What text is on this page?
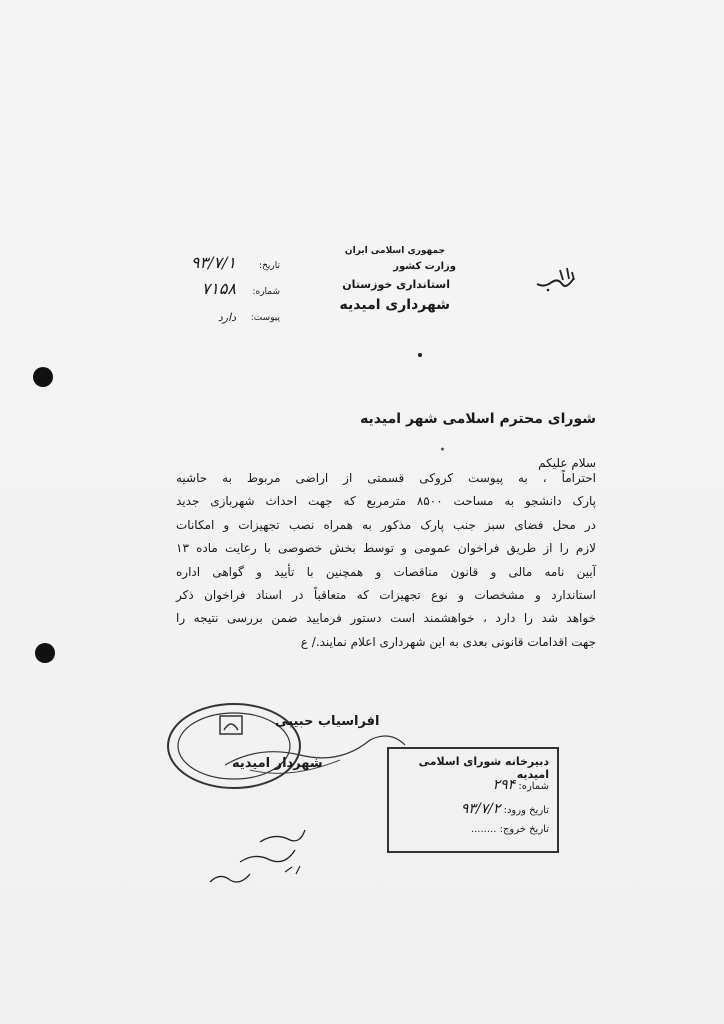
جمهوری اسلامی ایران
وزارت کشور
استانداری خوزستان
شهرداری امیدیه
تاریخ:
۹۳/۷/۱
شماره:
۷۱۵۸
پیوست:
دارد
شورای محترم اسلامی شهر امیدیه
٭
سلام علیکم
احتراماً ، به پیوست کروکی قسمتی از اراضی مربوط به حاشیه
پارک دانشجو به مساحت ۸۵۰۰ مترمربع که جهت احداث شهربازی جدید
در محل فضای سبز جنب پارک مذکور به همراه نصب تجهیزات و امکانات
لازم را از طریق فراخوان عمومی و توسط بخش خصوصی با رعایت ماده ۱۳
آیین نامه مالی و قانون مناقصات و همچنین با تأیید و گواهی اداره
استاندارد و مشخصات و نوع تجهیزات که متعاقباً در اسناد فراخوان ذکر
خواهد شد را دارد ، خواهشمند است دستور فرمایید ضمن بررسی نتیجه را
جهت اقدامات قانونی بعدی به این شهرداری اعلام نمایند./ ع
افراسیاب حبیبی
شهردار امیدیه	دبیرخانه شورای اسلامی امیدیه
شماره: ۲۹۴
تاریخ ورود: ۹۳/۷/۲
تاریخ خروج: ........
